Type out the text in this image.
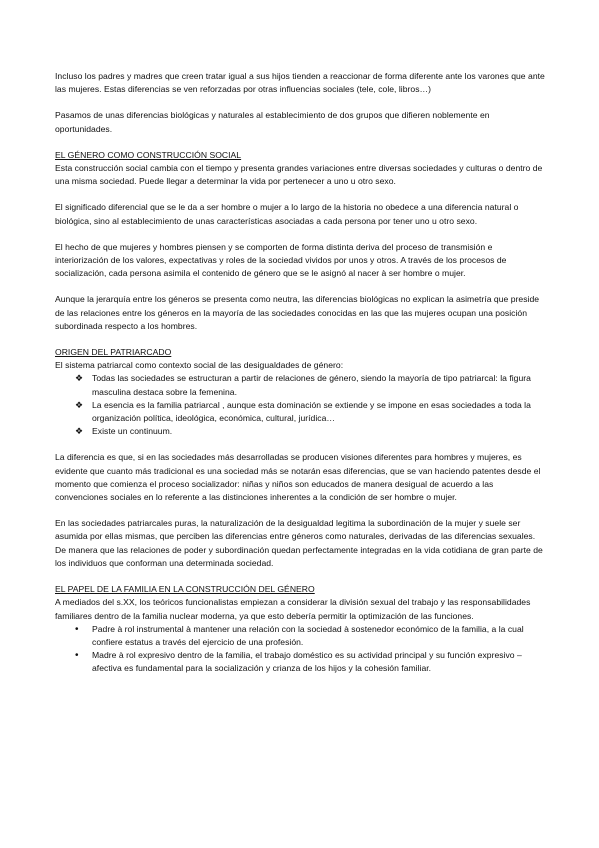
Incluso los padres y madres que creen tratar igual a sus hijos tienden a reaccionar de forma diferente ante los varones que ante las mujeres. Estas diferencias se ven reforzadas por otras influencias sociales (tele, cole, libros…)

Pasamos de unas diferencias biológicas y naturales al establecimiento de dos grupos que difieren noblemente en oportunidades.

EL GÉNERO COMO CONSTRUCCIÓN SOCIAL

Esta construcción social cambia con el tiempo y presenta grandes variaciones entre diversas sociedades y culturas o dentro de una misma sociedad. Puede llegar a determinar la vida por pertenecer a uno u otro sexo.

El significado diferencial que se le da a ser hombre o mujer a lo largo de la historia no obedece a una diferencia natural o biológica, sino al establecimiento de unas características asociadas a cada persona por tener uno u otro sexo.

El hecho de que mujeres y hombres piensen y se comporten de forma distinta deriva del proceso de transmisión e interiorización de los valores, expectativas y roles de la sociedad vividos por unos y otros. A través de los procesos de socialización, cada persona asimila el contenido de género que se le asignó al nacer à ser hombre o mujer.

Aunque la jerarquía entre los géneros se presenta como neutra, las diferencias biológicas no explican la asimetría que preside de las relaciones entre los géneros en la mayoría de las sociedades conocidas en las que las mujeres ocupan una posición subordinada respecto a los hombres.

ORIGEN DEL PATRIARCADO
El sistema patriarcal como contexto social de las desigualdades de género:
❖	Todas las sociedades se estructuran a partir de relaciones de género, siendo la mayoría de tipo patriarcal: la figura masculina destaca sobre la femenina.
❖	La esencia es la familia patriarcal , aunque esta dominación se extiende y se impone en esas sociedades a toda la organización política, ideológica, económica, cultural, jurídica…
❖	Existe un continuum.

La diferencia es que, si en las sociedades más desarrolladas se producen visiones diferentes para hombres y mujeres, es evidente que cuanto más tradicional es una sociedad más se notarán esas diferencias, que se van haciendo patentes desde el momento que comienza el proceso socializador: niñas y niños son educados de manera desigual de acuerdo a las convenciones sociales en lo referente a las distinciones inherentes a la condición de ser hombre o mujer.

En las sociedades patriarcales puras, la naturalización de la desigualdad legitima la subordinación de la mujer y suele ser asumida por ellas mismas, que perciben las diferencias entre géneros como naturales, derivadas de las diferencias sexuales. De manera que las relaciones de poder y subordinación quedan perfectamente integradas en la vida cotidiana de gran parte de los individuos que conforman una determinada sociedad.

EL PAPEL DE LA FAMILIA EN LA CONSTRUCCIÓN DEL GÉNERO
A mediados del s.XX, los teóricos funcionalistas empiezan a considerar la división sexual del trabajo y las responsabilidades familiares dentro de la familia nuclear moderna, ya que esto debería permitir la optimización de las funciones.
•	Padre à rol instrumental à mantener una relación con la sociedad à sostenedor económico de la familia, a la cual confiere estatus a través del ejercicio de una profesión.
•	Madre à rol expresivo dentro de la familia, el trabajo doméstico es su actividad principal y su función expresivo – afectiva es fundamental para la socialización y crianza de los hijos y la cohesión familiar.
